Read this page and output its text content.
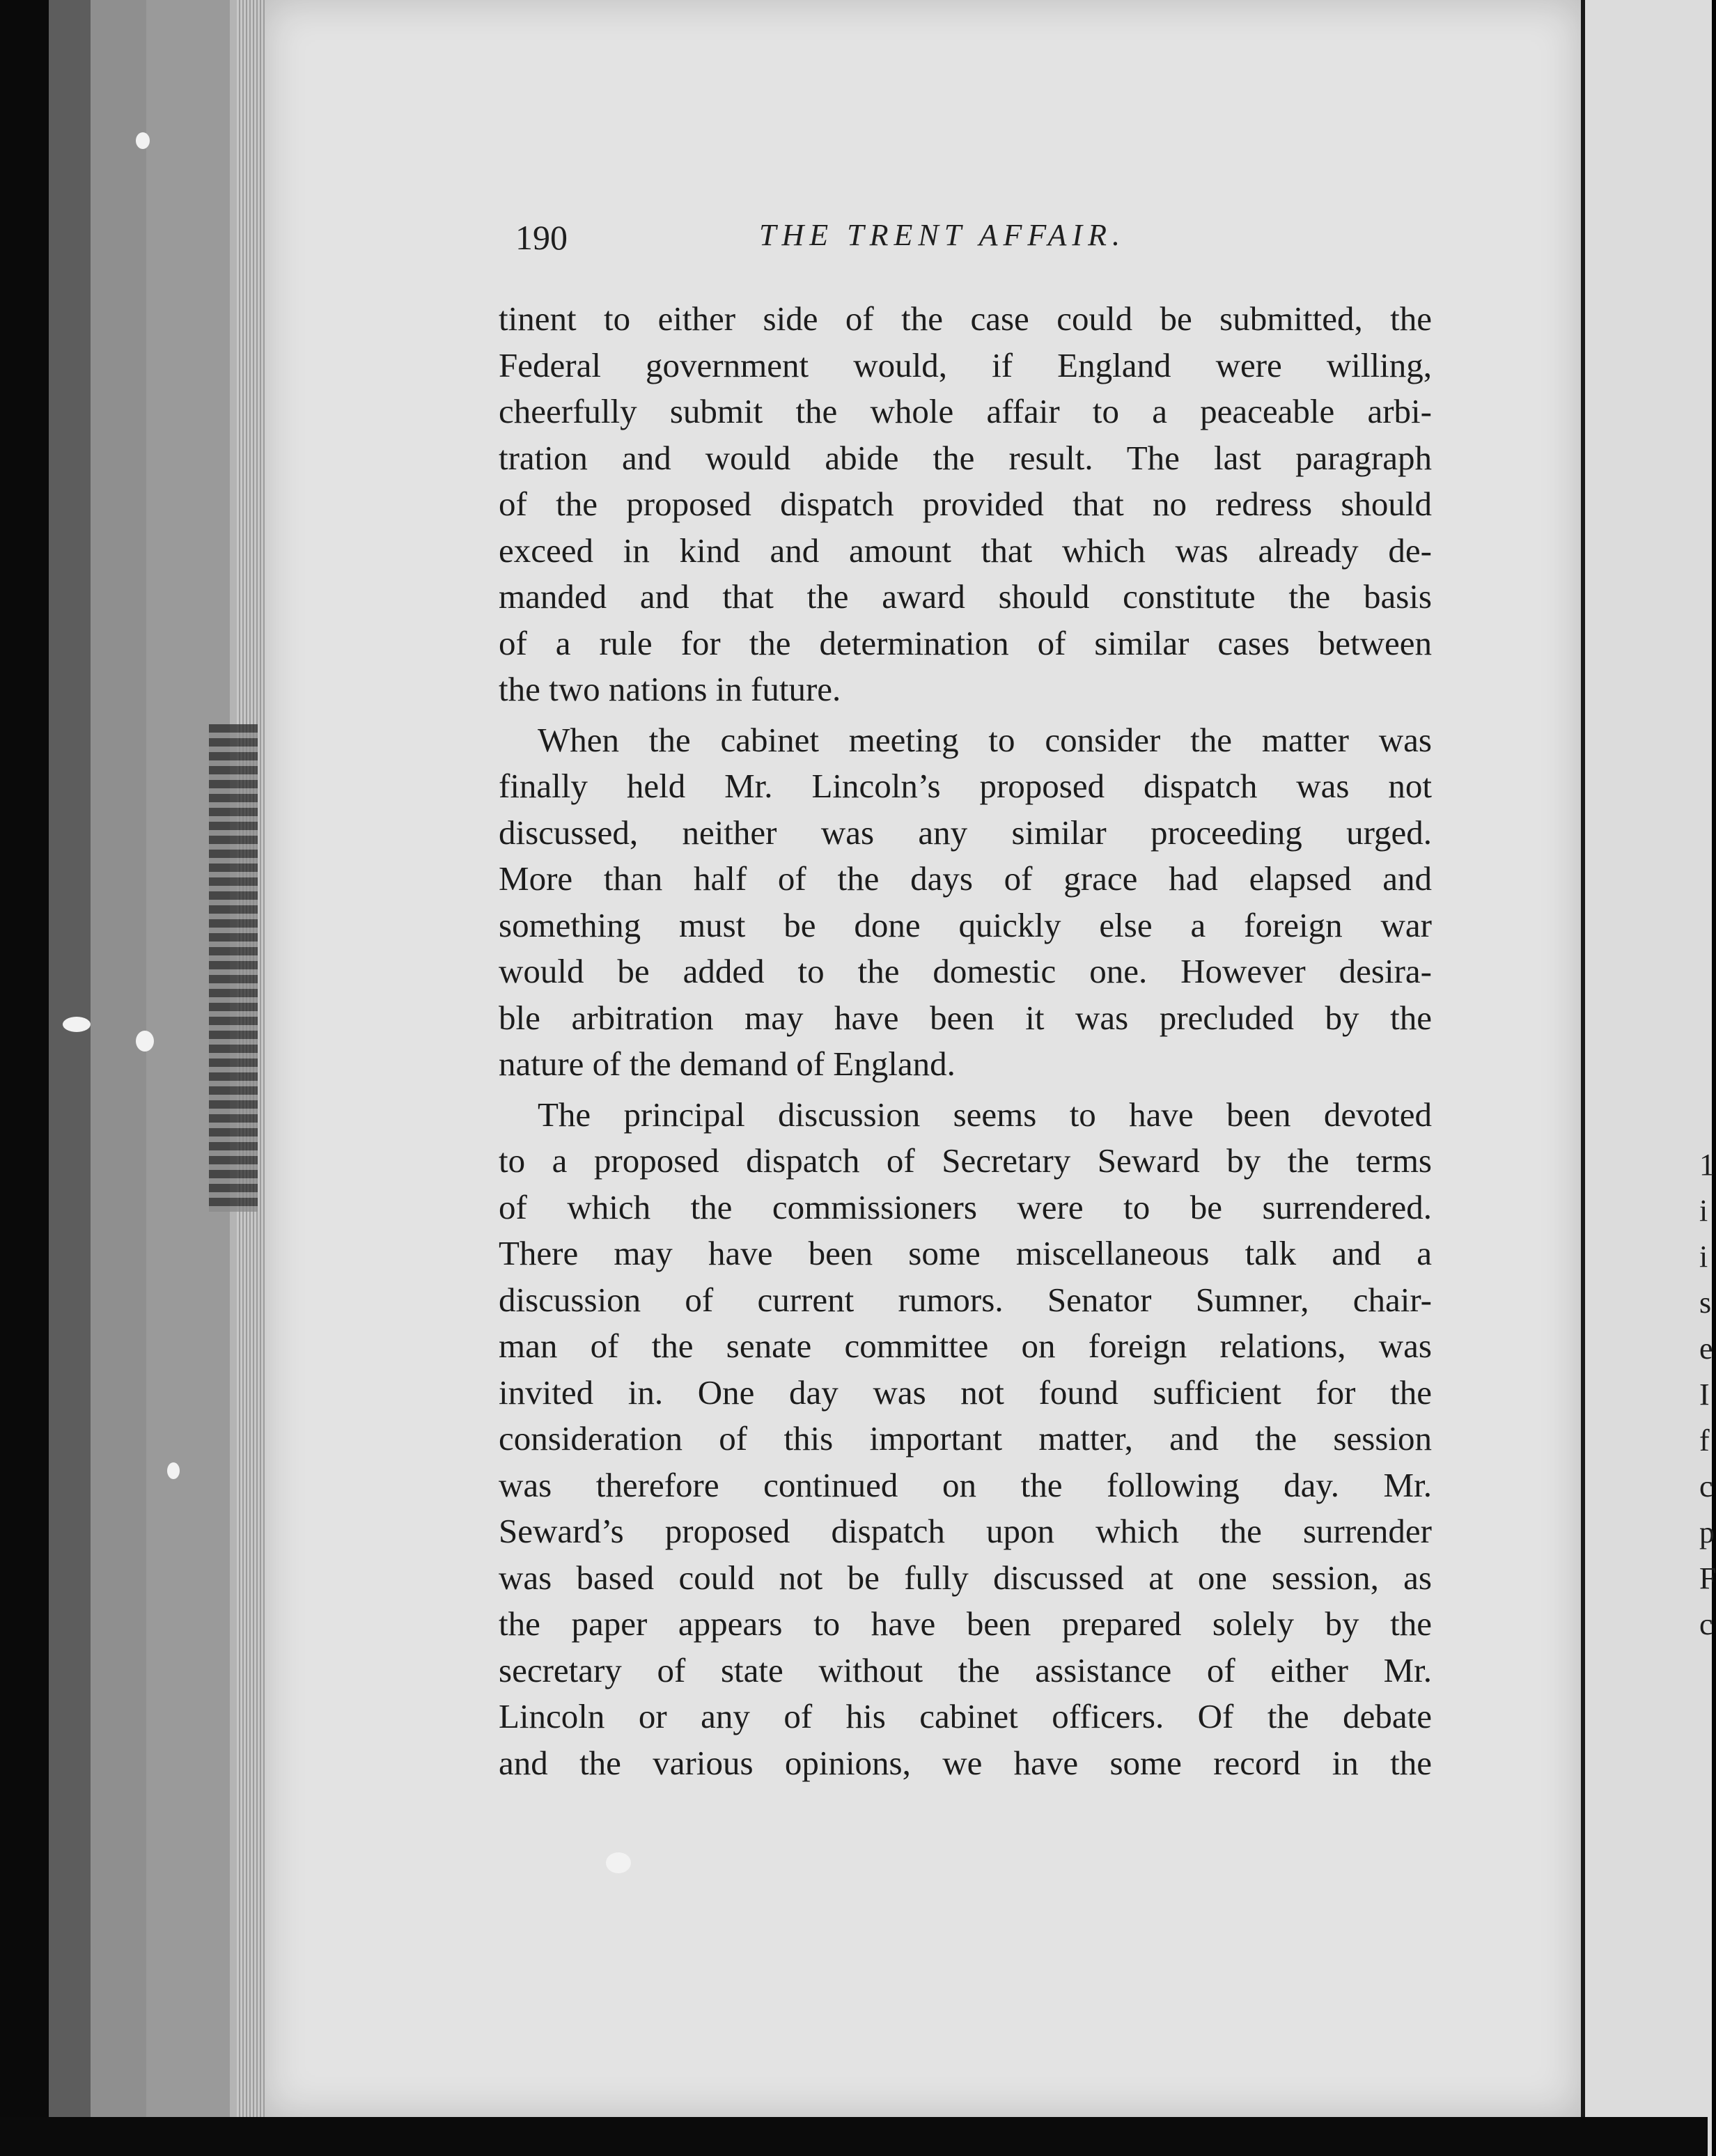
1
i
i
s
e
I
f
c
p
F
c
190	THE TRENT AFFAIR.
tinent to either side of the case could be submitted, the
Federal government would, if England were willing,
cheerfully submit the whole affair to a peaceable arbi-
tration and would abide the result. The last paragraph
of the proposed dispatch provided that no redress should
exceed in kind and amount that which was already de-
manded and that the award should constitute the basis
of a rule for the determination of similar cases between
the two nations in future.
When the cabinet meeting to consider the matter was
finally held Mr. Lincoln’s proposed dispatch was not
discussed, neither was any similar proceeding urged.
More than half of the days of grace had elapsed and
something must be done quickly else a foreign war
would be added to the domestic one. However desira-
ble arbitration may have been it was precluded by the
nature of the demand of England.
The principal discussion seems to have been devoted
to a proposed dispatch of Secretary Seward by the terms
of which the commissioners were to be surrendered.
There may have been some miscellaneous talk and a
discussion of current rumors. Senator Sumner, chair-
man of the senate committee on foreign relations, was
invited in. One day was not found sufficient for the
consideration of this important matter, and the session
was therefore continued on the following day. Mr.
Seward’s proposed dispatch upon which the surrender
was based could not be fully discussed at one session, as
the paper appears to have been prepared solely by the
secretary of state without the assistance of either Mr.
Lincoln or any of his cabinet officers. Of the debate
and the various opinions, we have some record in the
